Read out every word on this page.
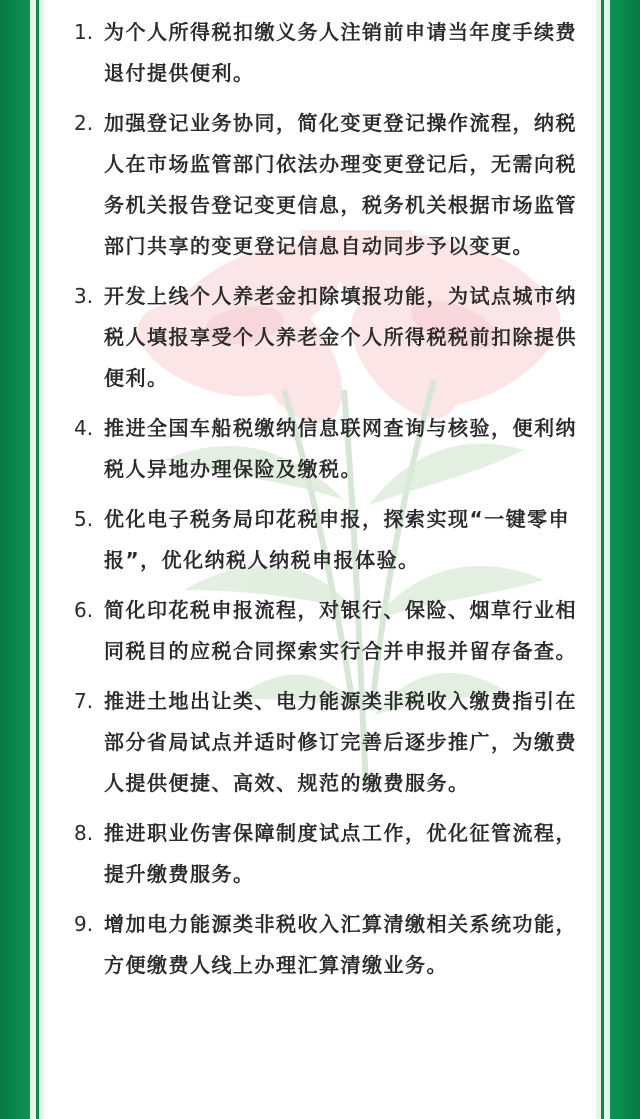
1. 为个人所得税扣缴义务人注销前申请当年度手续费退付提供便利。
2. 加强登记业务协同，简化变更登记操作流程，纳税人在市场监管部门依法办理变更登记后，无需向税务机关报告登记变更信息，税务机关根据市场监管部门共享的变更登记信息自动同步予以变更。
3. 开发上线个人养老金扣除填报功能，为试点城市纳税人填报享受个人养老金个人所得税税前扣除提供便利。
4. 推进全国车船税缴纳信息联网查询与核验，便利纳税人异地办理保险及缴税。
5. 优化电子税务局印花税申报，探索实现“一键零申报”，优化纳税人纳税申报体验。
6. 简化印花税申报流程，对银行、保险、烟草行业相同税目的应税合同探索实行合并申报并留存备查。
7. 推进土地出让类、电力能源类非税收入缴费指引在部分省局试点并适时修订完善后逐步推广，为缴费人提供便捷、高效、规范的缴费服务。
8. 推进职业伤害保障制度试点工作，优化征管流程，提升缴费服务。
9. 增加电力能源类非税收入汇算清缴相关系统功能，方便缴费人线上办理汇算清缴业务。
